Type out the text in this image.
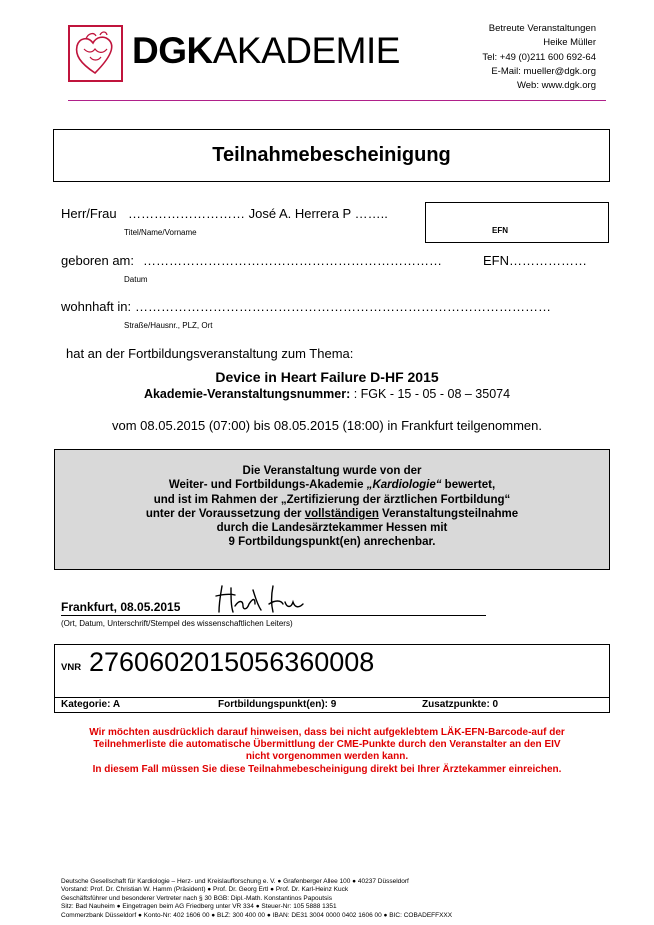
DGKAKADEMIE
Betreute Veranstaltungen
Heike Müller
Tel: +49 (0)211 600 692-64
E-Mail: mueller@dgk.org
Web: www.dgk.org
Teilnahmebescheinigung
EFN
Herr/Frau ……………………… José A. Herrera P ……..
Titel/Name/Vorname
geboren am: ……………………………………………………………	EFN………………
Datum
wohnhaft in: ……………………………………………………………………………………
Straße/Hausnr., PLZ, Ort
hat an der Fortbildungsveranstaltung zum Thema:
Device in Heart Failure D-HF 2015
Akademie-Veranstaltungsnummer: : FGK - 15 - 05 - 08 – 35074
vom 08.05.2015 (07:00) bis 08.05.2015 (18:00) in Frankfurt teilgenommen.
Die Veranstaltung wurde von der
Weiter- und Fortbildungs-Akademie „Kardiologie“ bewertet,
und ist im Rahmen der „Zertifizierung der ärztlichen Fortbildung“
unter der Voraussetzung der vollständigen Veranstaltungsteilnahme
durch die Landesärztekammer Hessen mit
9 Fortbildungspunkt(en) anrechenbar.
Frankfurt, 08.05.2015
(Ort, Datum, Unterschrift/Stempel des wissenschaftlichen Leiters)
VNR 2760602015056360008
Kategorie: A	Fortbildungspunkt(en): 9	Zusatzpunkte: 0
Wir möchten ausdrücklich darauf hinweisen, dass bei nicht aufgeklebtem LÄK-EFN-Barcode-auf der
Teilnehmerliste die automatische Übermittlung der CME-Punkte durch den Veranstalter an den EIV
nicht vorgenommen werden kann.
In diesem Fall müssen Sie diese Teilnahmebescheinigung direkt bei Ihrer Ärztekammer einreichen.
Deutsche Gesellschaft für Kardiologie – Herz- und Kreislaufforschung e. V. ● Grafenberger Allee 100 ● 40237 Düsseldorf
Vorstand: Prof. Dr. Christian W. Hamm (Präsident) ● Prof. Dr. Georg Ertl ● Prof. Dr. Karl-Heinz Kuck
Geschäftsführer und besonderer Vertreter nach § 30 BGB: Dipl.-Math. Konstantinos Papoutsis
Sitz: Bad Nauheim ● Eingetragen beim AG Friedberg unter VR 334 ● Steuer-Nr: 105 5888 1351
Commerzbank Düsseldorf ● Konto-Nr: 402 1606 00 ● BLZ: 300 400 00 ● IBAN: DE31 3004 0000 0402 1606 00 ● BIC: COBADEFFXXX
